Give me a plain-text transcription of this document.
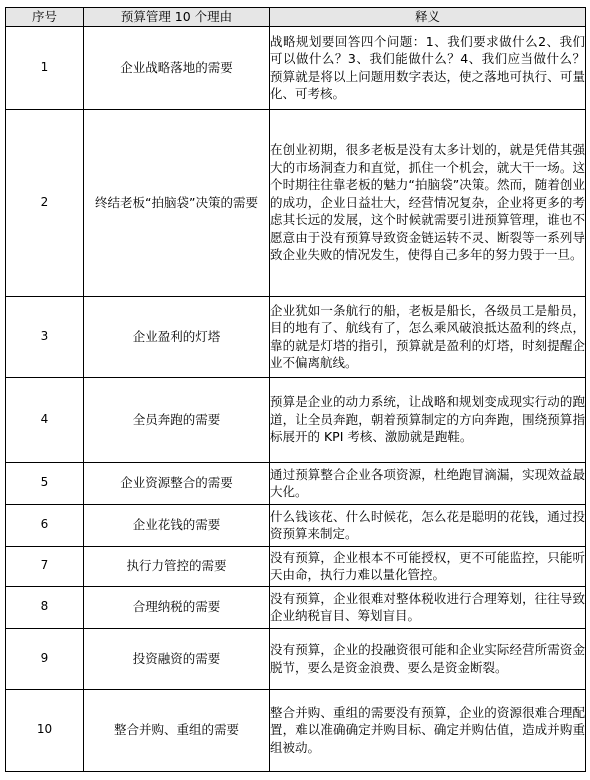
序号	预算管理 10 个理由	释义
1	企业战略落地的需要	战略规划要回答四个问题：1、我们要求做什么2、我们可以做什么？3、我们能做什么？4、我们应当做什么？预算就是将以上问题用数字表达，使之落地可执行、可量化、可考核。
2	终结老板“拍脑袋”决策的需要	在创业初期，很多老板是没有太多计划的，就是凭借其强大的市场洞查力和直觉，抓住一个机会，就大干一场。这个时期往往靠老板的魅力“拍脑袋”决策。然而，随着创业的成功，企业日益壮大，经营情况复杂，企业将更多的考虑其长远的发展，这个时候就需要引进预算管理，谁也不愿意由于没有预算导致资金链运转不灵、断裂等一系列导致企业失败的情况发生，使得自己多年的努力毁于一旦。
3	企业盈利的灯塔	企业犹如一条航行的船，老板是船长，各级员工是船员，目的地有了、航线有了，怎么乘风破浪抵达盈利的终点，靠的就是灯塔的指引，预算就是盈利的灯塔，时刻提醒企业不偏离航线。
4	全员奔跑的需要	预算是企业的动力系统，让战略和规划变成现实行动的跑道，让全员奔跑，朝着预算制定的方向奔跑，围绕预算指标展开的 KPI 考核、激励就是跑鞋。
5	企业资源整合的需要	通过预算整合企业各项资源，杜绝跑冒滴漏，实现效益最大化。
6	企业花钱的需要	什么钱该花、什么时候花，怎么花是聪明的花钱，通过投资预算来制定。
7	执行力管控的需要	没有预算，企业根本不可能授权，更不可能监控，只能听天由命，执行力难以量化管控。
8	合理纳税的需要	没有预算，企业很难对整体税收进行合理筹划，往往导致企业纳税盲目、筹划盲目。
9	投资融资的需要	没有预算，企业的投融资很可能和企业实际经营所需资金脱节，要么是资金浪费、要么是资金断裂。
10	整合并购、重组的需要	整合并购、重组的需要没有预算，企业的资源很难合理配置，难以准确确定并购目标、确定并购估值，造成并购重组被动。
